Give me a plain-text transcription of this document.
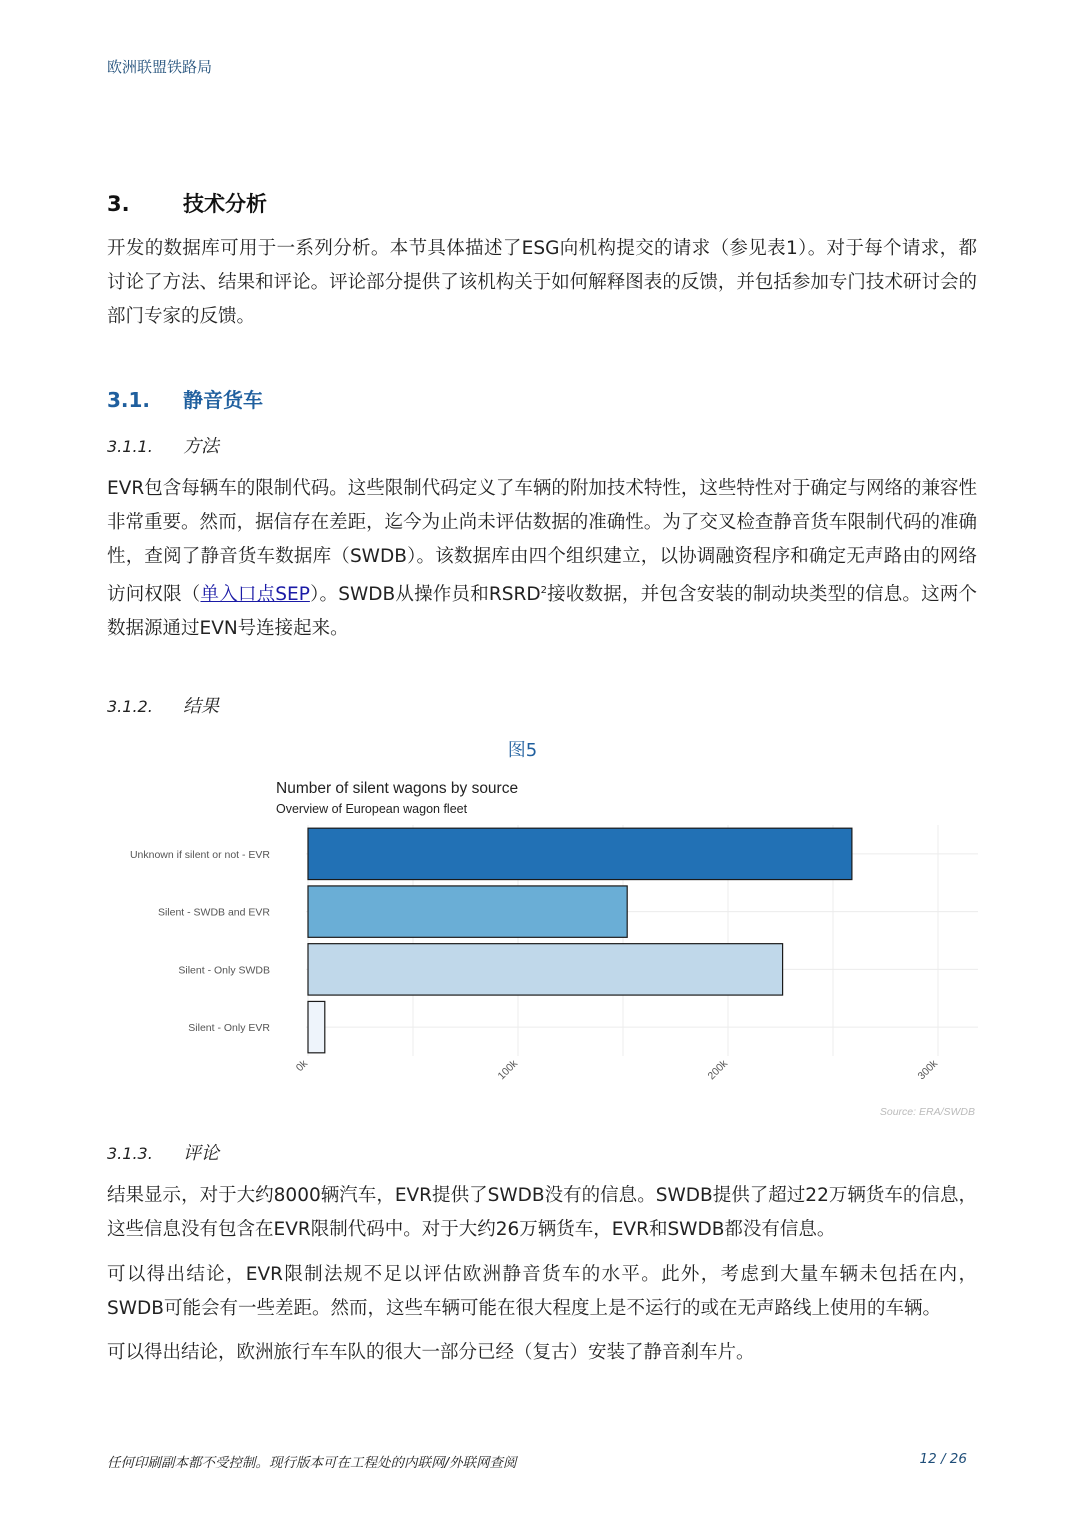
欧洲联盟铁路局
3.	技术分析
开发的数据库可用于一系列分析。本节具体描述了ESG向机构提交的请求（参见表1）。对于每个请求，都讨论了方法、结果和评论。评论部分提供了该机构关于如何解释图表的反馈，并包括参加专门技术研讨会的部门专家的反馈。
3.1. 静音货车
3.1.1. 方法
EVR包含每辆车的限制代码。这些限制代码定义了车辆的附加技术特性，这些特性对于确定与网络的兼容性非常重要。然而，据信存在差距，迄今为止尚未评估数据的准确性。为了交叉检查静音货车限制代码的准确性，查阅了静音货车数据库（SWDB）。该数据库由四个组织建立，以协调融资程序和确定无声路由的网络访问权限（单入口点SEP）。SWDB从操作员和RSRD$^2$接收数据，并包含安装的制动块类型的信息。这两个数据源通过EVN号连接起来。
3.1.2. 结果
图5
Number of silent wagons by source
Overview of European wagon fleet
Unknown if silent or not - EVR
Silent - SWDB and EVR
Silent - Only SWDB
Silent - Only EVR
0k	100k	200k	300k
Source: ERA/SWDB
3.1.3. 评论
结果显示，对于大约8000辆汽车，EVR提供了SWDB没有的信息。SWDB提供了超过22万辆货车的信息，这些信息没有包含在EVR限制代码中。对于大约26万辆货车，EVR和SWDB都没有信息。
可以得出结论，EVR限制法规不足以评估欧洲静音货车的水平。此外，考虑到大量车辆未包括在内，SWDB可能会有一些差距。然而，这些车辆可能在很大程度上是不运行的或在无声路线上使用的车辆。
可以得出结论，欧洲旅行车车队的很大一部分已经（复古）安装了静音刹车片。
任何印刷副本都不受控制。现行版本可在工程处的内联网/外联网查阅	12 / 26
